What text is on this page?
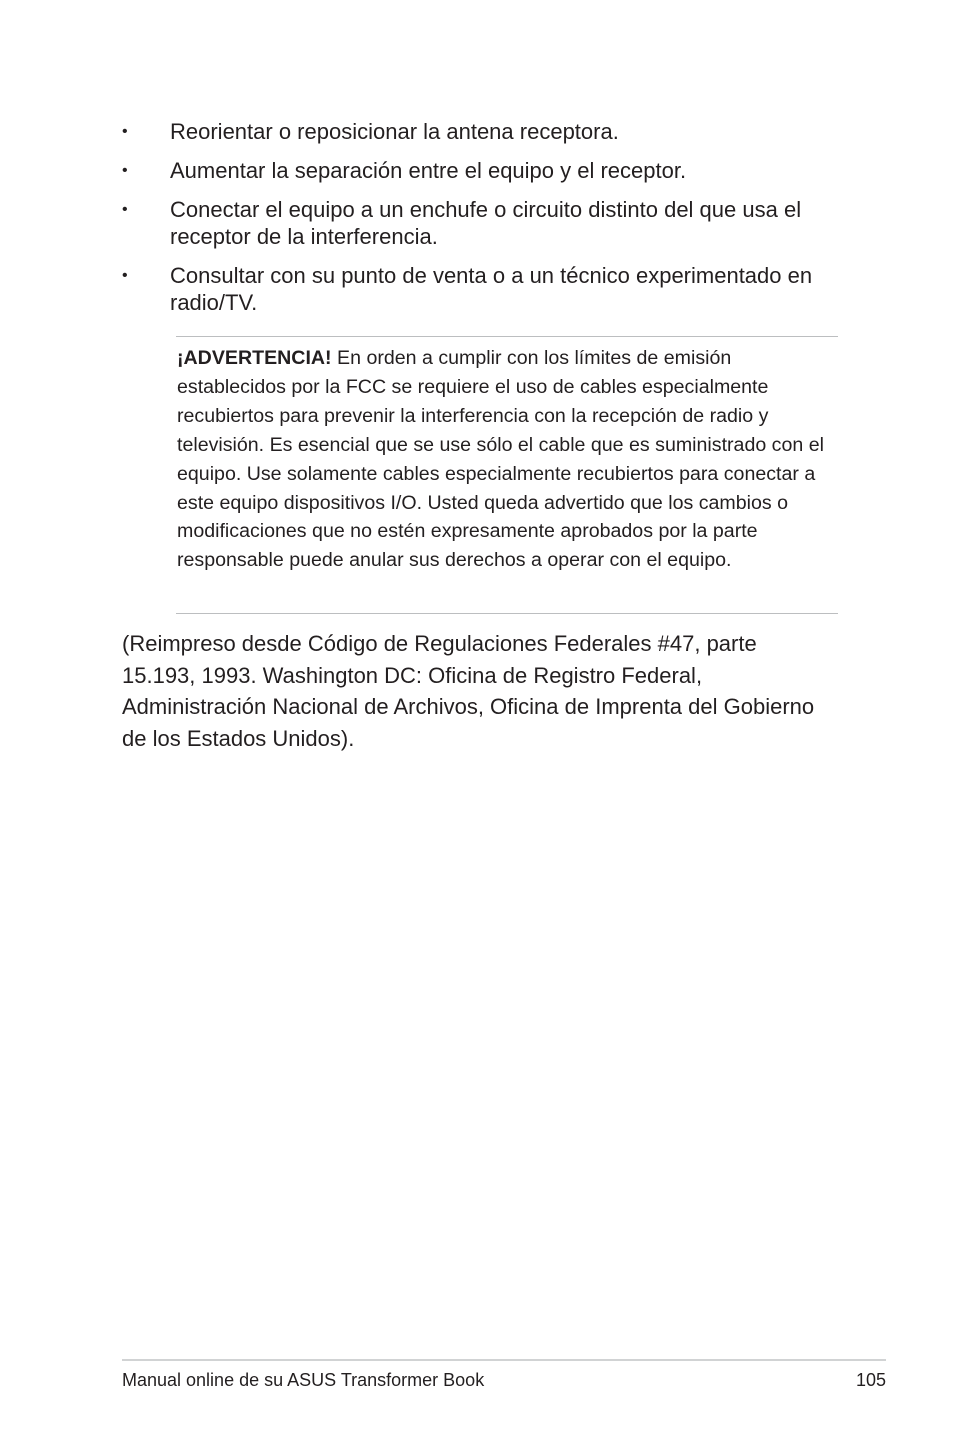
• Reorientar o reposicionar la antena receptora.
• Aumentar la separación entre el equipo y el receptor.
• Conectar el equipo a un enchufe o circuito distinto del que usa el receptor de la interferencia.
• Consultar con su punto de venta o a un técnico experimentado en radio/TV.

¡ADVERTENCIA! En orden a cumplir con los límites de emisión establecidos por la FCC se requiere el uso de cables especialmente recubiertos para prevenir la interferencia con la recepción de radio y televisión. Es esencial que se use sólo el cable que es suministrado con el equipo. Use solamente cables especialmente recubiertos para conectar a este equipo dispositivos I/O. Usted queda advertido que los cambios o modificaciones que no estén expresamente aprobados por la parte responsable puede anular sus derechos a operar con el equipo.

(Reimpreso desde Código de Regulaciones Federales #47, parte 15.193, 1993. Washington DC: Oficina de Registro Federal, Administración Nacional de Archivos, Oficina de Imprenta del Gobierno de los Estados Unidos).

Manual online de su ASUS Transformer Book	105
